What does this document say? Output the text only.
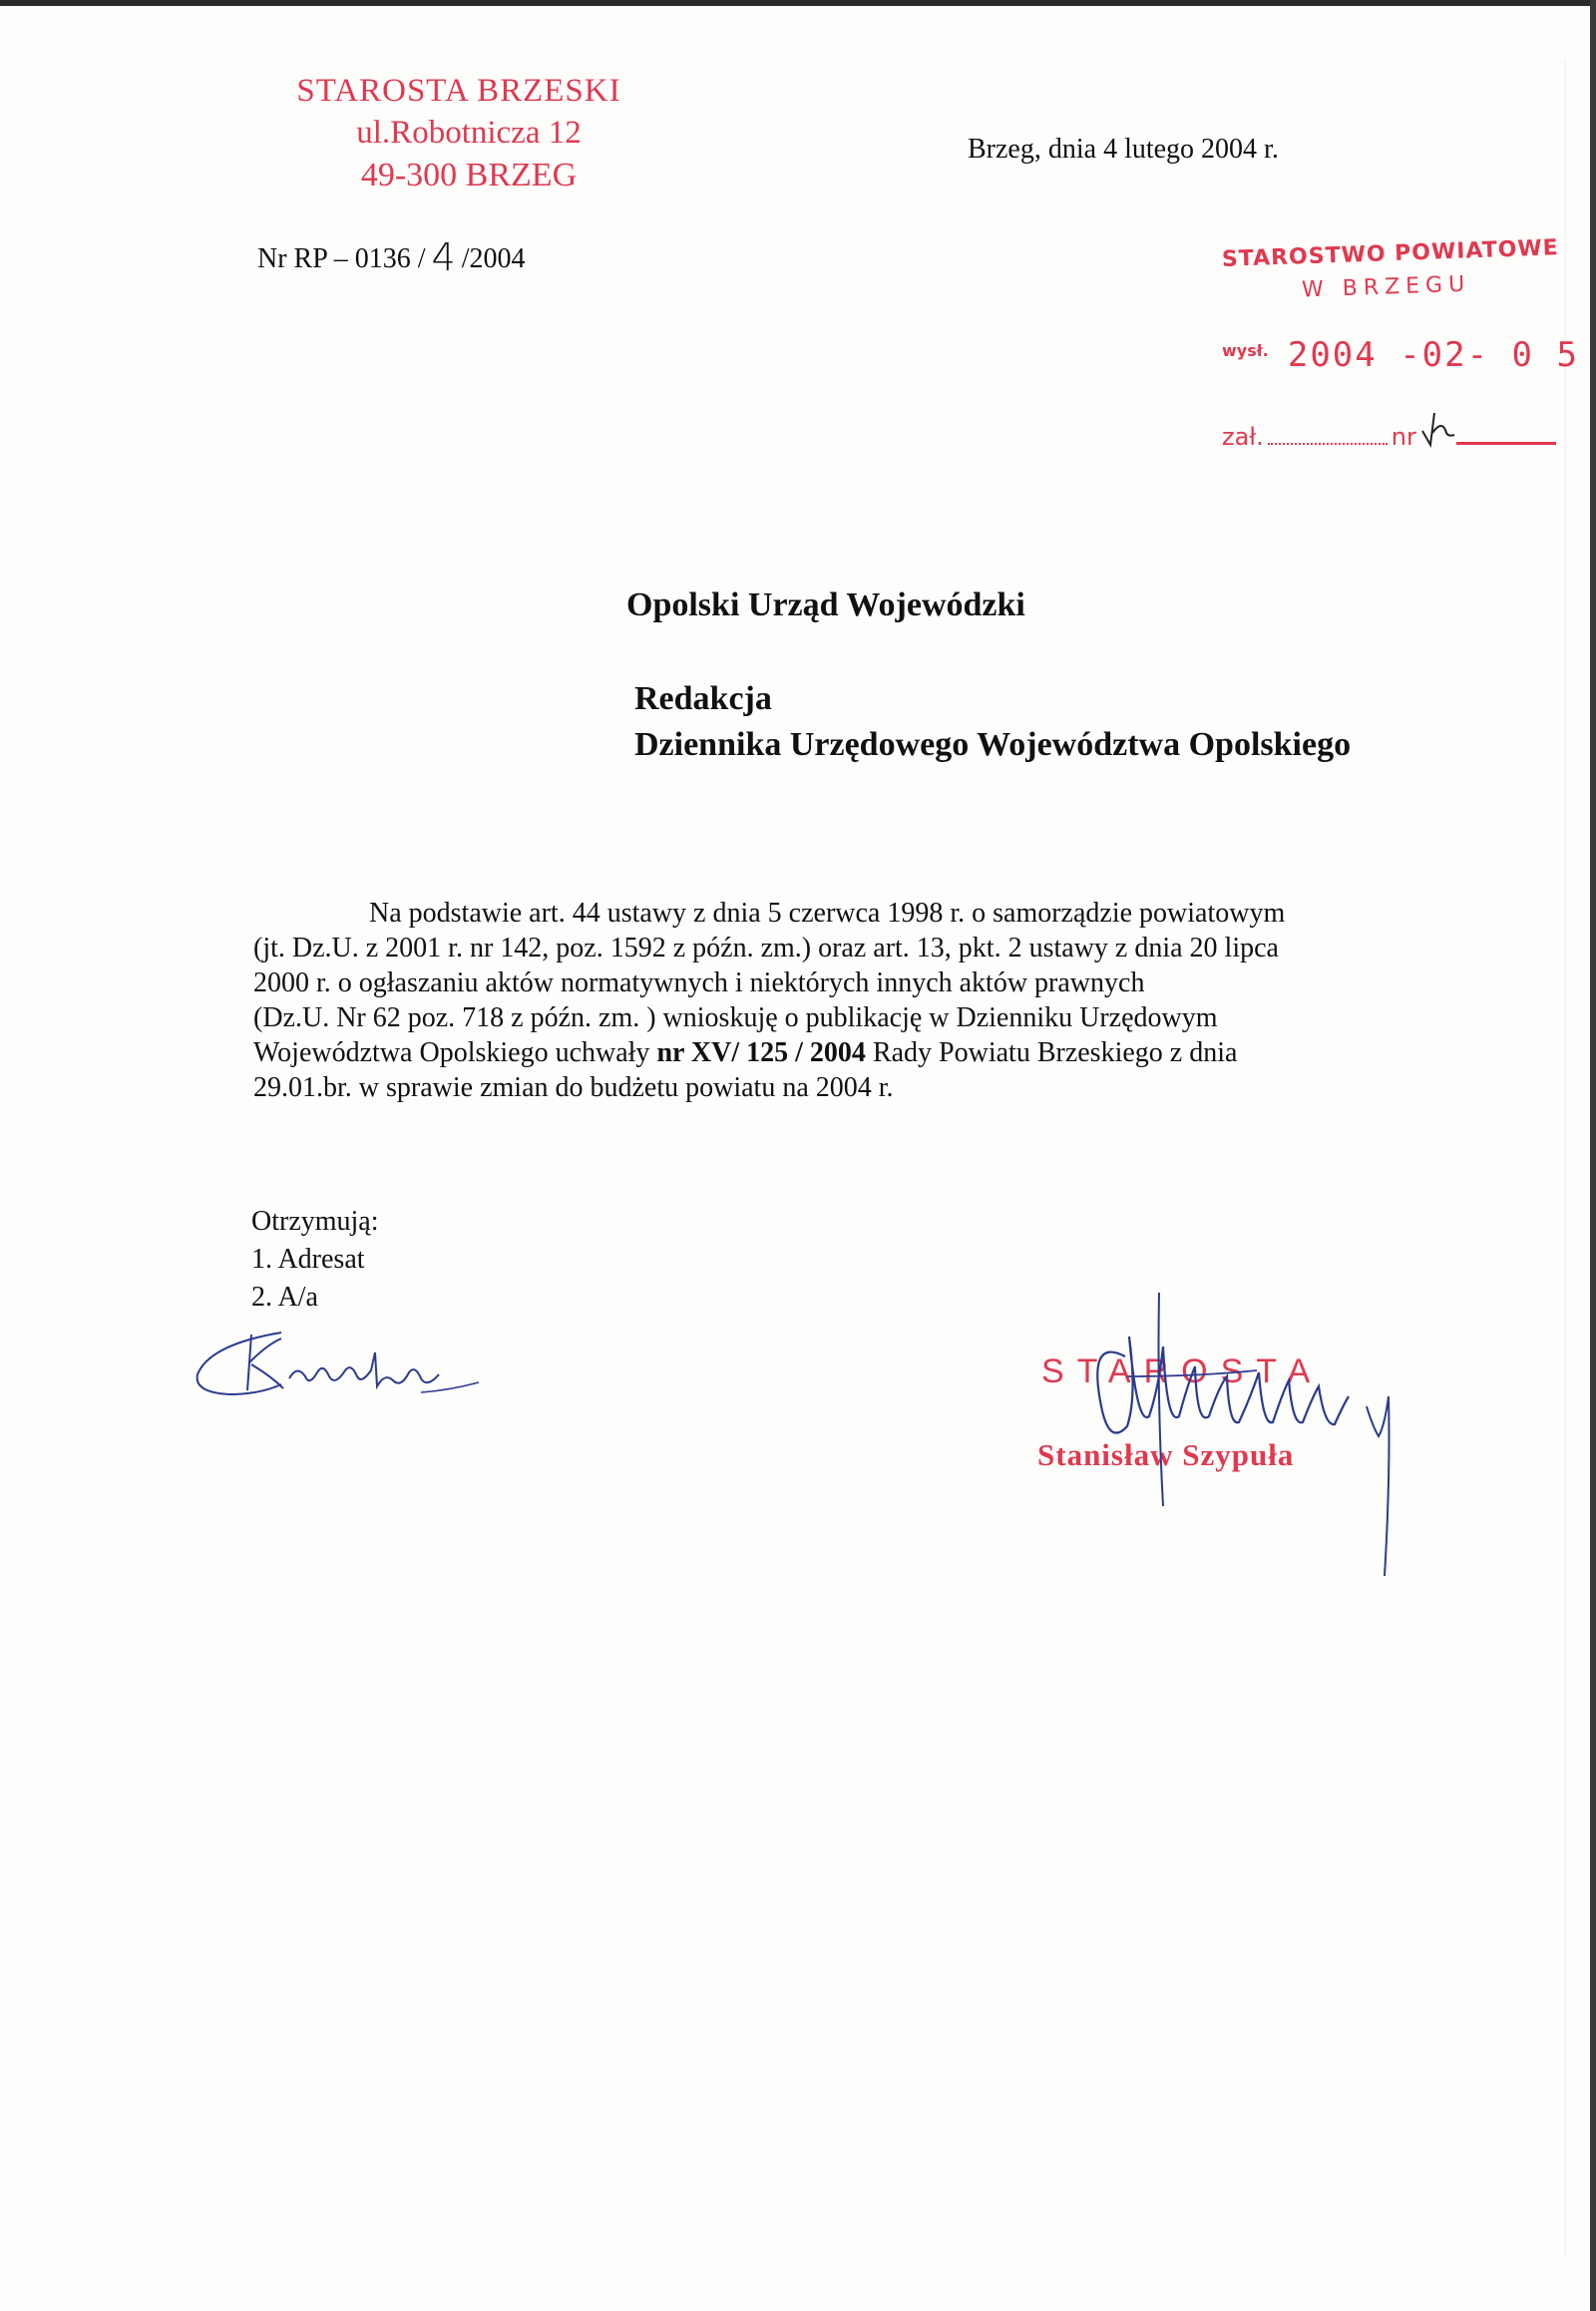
STAROSTA BRZESKI
ul.Robotnicza 12
49-300 BRZEG
Brzeg, dnia 4 lutego 2004 r.
Nr RP – 0136 / 4 /2004	STAROSTWO POWIATOWE
W BRZEGU
wysł. 2004 -02- 0 5
zał.	nr
Opolski Urząd Wojewódzki
Redakcja
Dziennika Urzędowego Województwa Opolskiego

Na podstawie art. 44 ustawy z dnia 5 czerwca 1998 r. o samorządzie powiatowym

(jt. Dz.U. z 2001 r. nr 142, poz. 1592 z późn. zm.) oraz art. 13, pkt. 2 ustawy z dnia 20 lipca

2000 r. o ogłaszaniu aktów normatywnych i niektórych innych aktów prawnych

(Dz.U. Nr 62 poz. 718 z późn. zm. ) wnioskuję o publikację w Dzienniku Urzędowym

Województwa Opolskiego uchwały nr XV/ 125 / 2004 Rady Powiatu Brzeskiego z dnia

29.01.br. w sprawie zmian do budżetu powiatu na 2004 r.

Otrzymują:
1. Adresat
2. A/a
STAROSTA
Stanisław Szypuła
